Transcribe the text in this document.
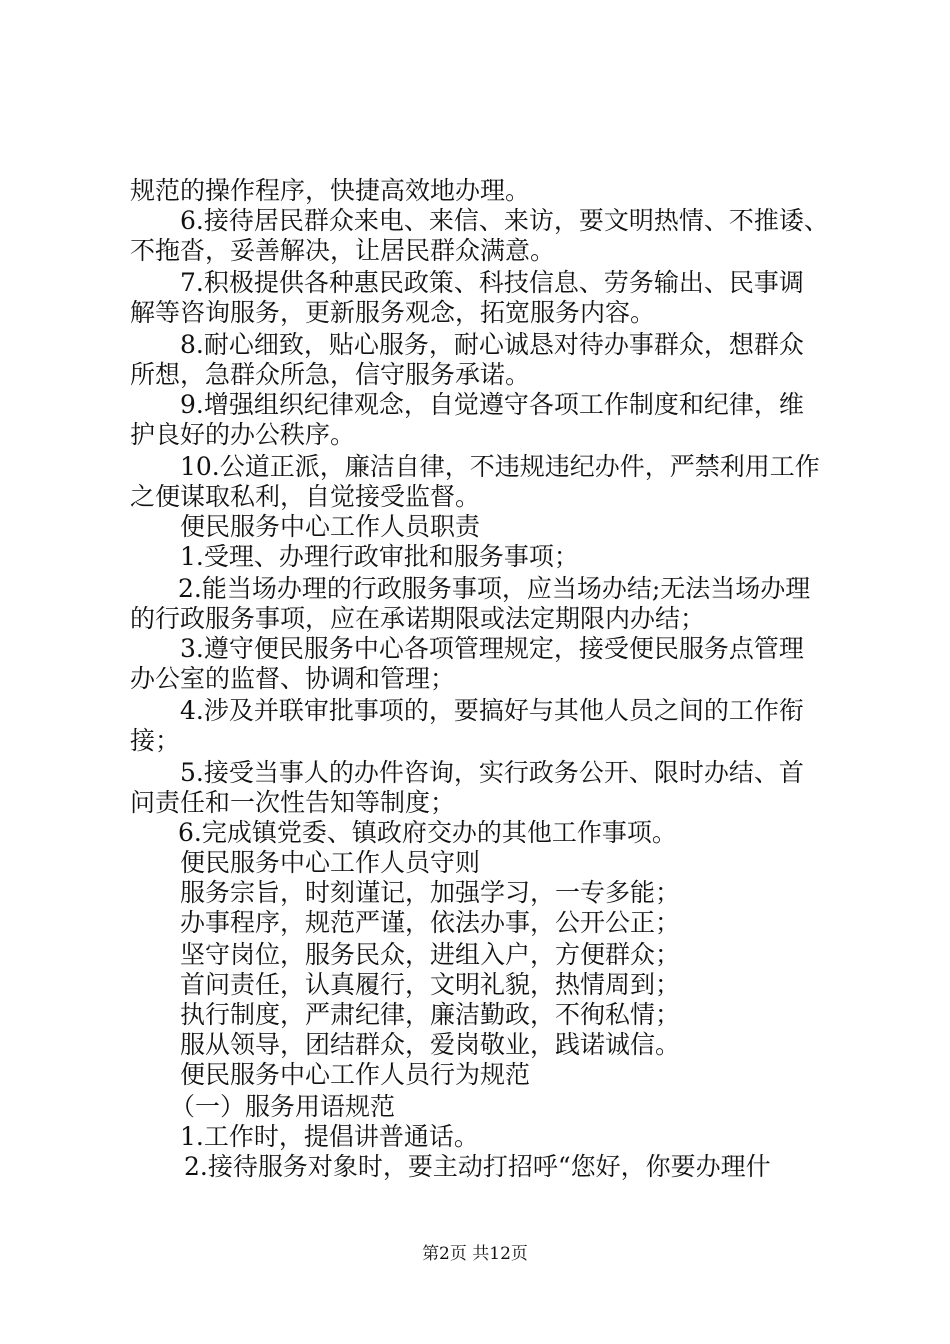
规范的操作程序，快捷高效地办理。
6.接待居民群众来电、来信、来访，要文明热情、不推诿、
不拖沓，妥善解决，让居民群众满意。
7.积极提供各种惠民政策、科技信息、劳务输出、民事调
解等咨询服务，更新服务观念，拓宽服务内容。
8.耐心细致，贴心服务，耐心诚恳对待办事群众，想群众
所想，急群众所急，信守服务承诺。
9.增强组织纪律观念，自觉遵守各项工作制度和纪律，维
护良好的办公秩序。
10.公道正派，廉洁自律，不违规违纪办件，严禁利用工作
之便谋取私利，自觉接受监督。
便民服务中心工作人员职责
1.受理、办理行政审批和服务事项；
2.能当场办理的行政服务事项，应当场办结;无法当场办理
的行政服务事项，应在承诺期限或法定期限内办结；
3.遵守便民服务中心各项管理规定，接受便民服务点管理
办公室的监督、协调和管理；
4.涉及并联审批事项的，要搞好与其他人员之间的工作衔
接；
5.接受当事人的办件咨询，实行政务公开、限时办结、首
问责任和一次性告知等制度；
6.完成镇党委、镇政府交办的其他工作事项。
便民服务中心工作人员守则
服务宗旨，时刻谨记，加强学习，一专多能；
办事程序，规范严谨，依法办事，公开公正；
坚守岗位，服务民众，进组入户，方便群众；
首问责任，认真履行，文明礼貌，热情周到；
执行制度，严肃纪律，廉洁勤政，不徇私情；
服从领导，团结群众，爱岗敬业，践诺诚信。
便民服务中心工作人员行为规范
（一）服务用语规范
1.工作时，提倡讲普通话。
2.接待服务对象时，要主动打招呼“您好，你要办理什
第2页 共12页
